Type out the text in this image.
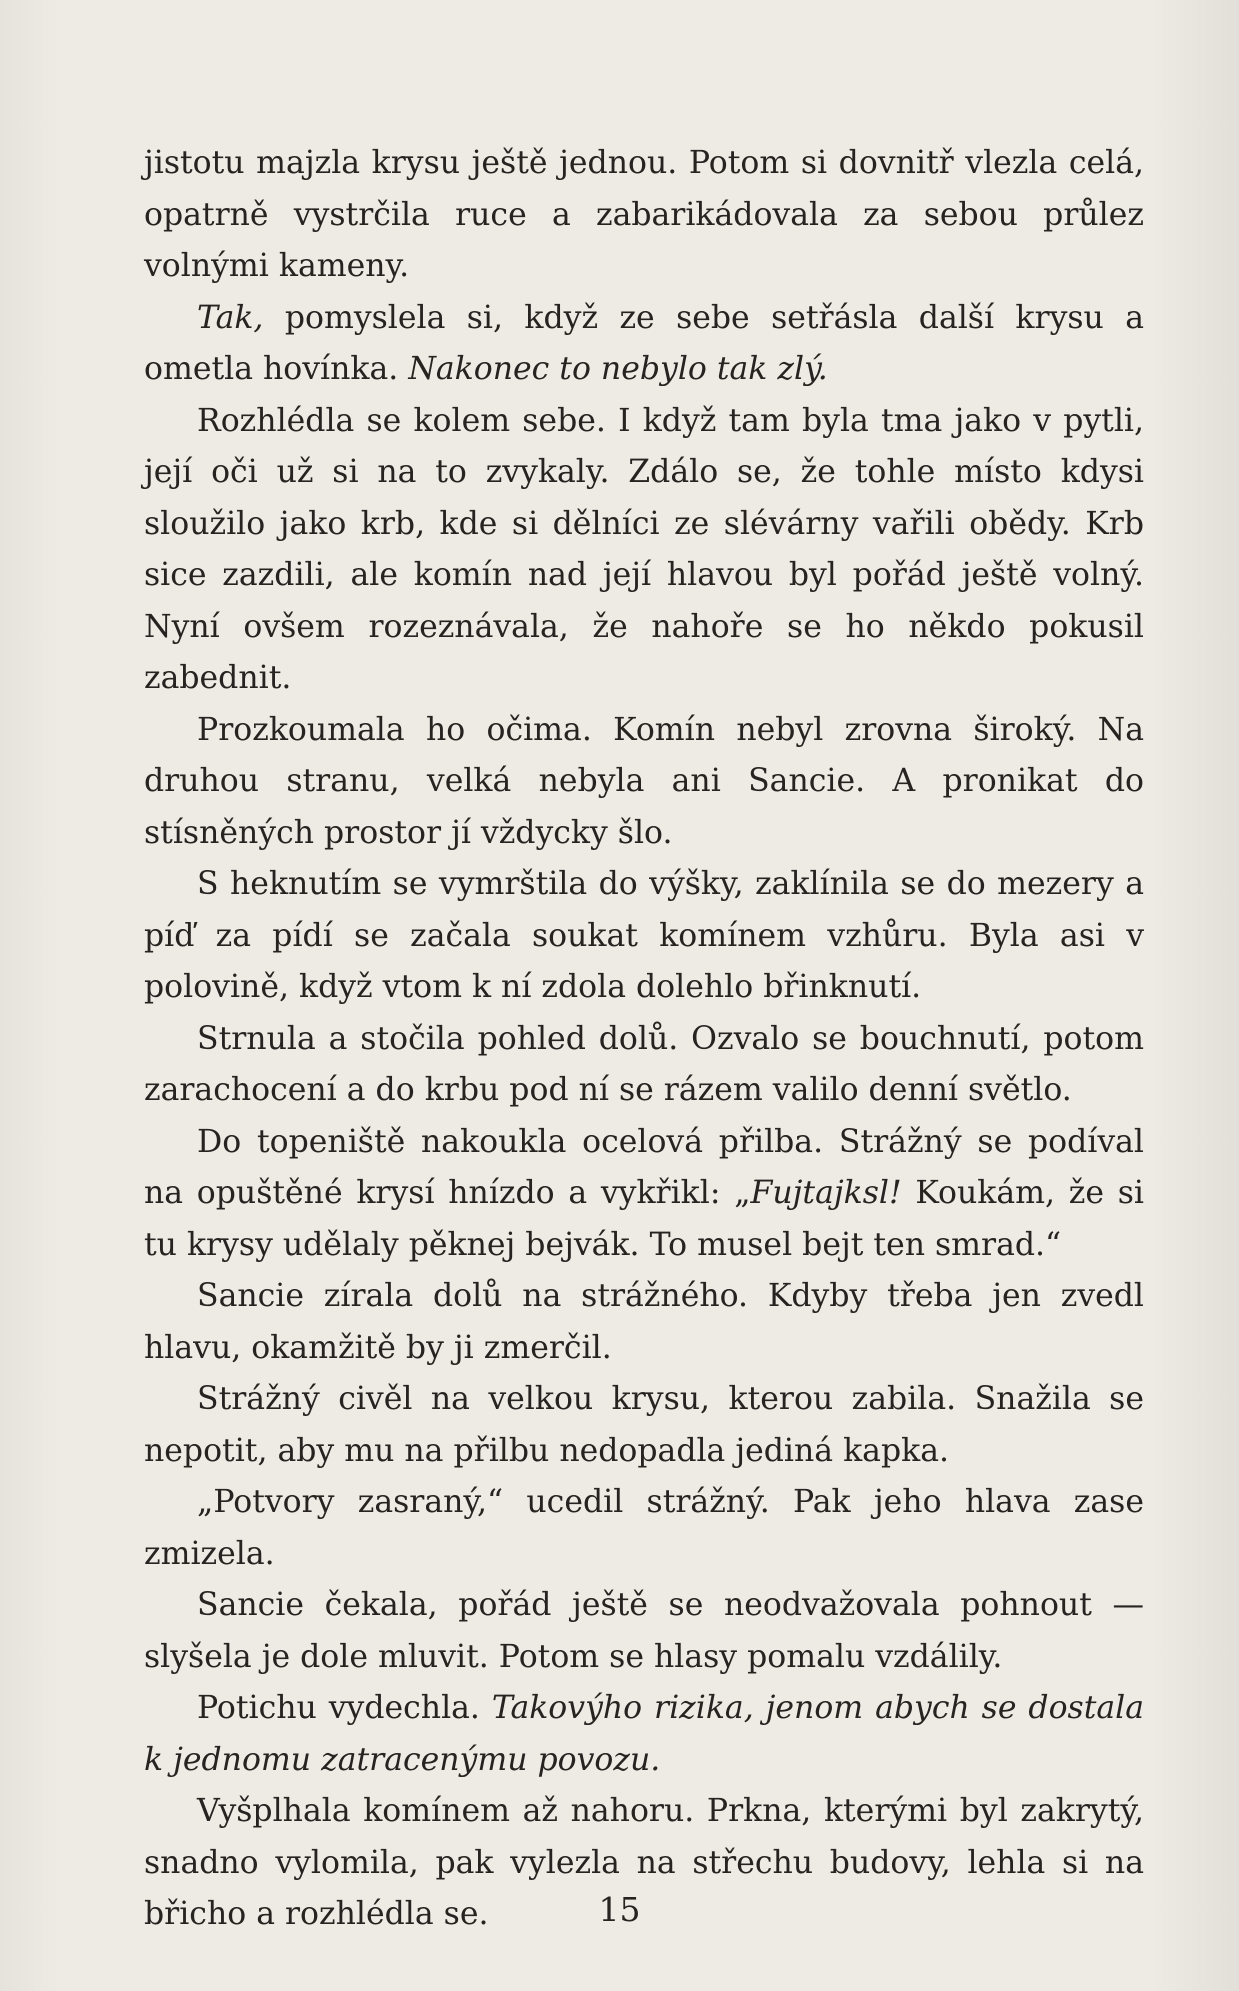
jistotu majzla krysu ještě jednou. Potom si dovnitř vlezla celá, opatrně vystrčila ruce a zabarikádovala za sebou průlez volnými kameny.

Tak, pomyslela si, když ze sebe setřásla další krysu a ometla hovínka. Nakonec to nebylo tak zlý.

Rozhlédla se kolem sebe. I když tam byla tma jako v pytli, její oči už si na to zvykaly. Zdálo se, že tohle místo kdysi sloužilo jako krb, kde si dělníci ze slévárny vařili obědy. Krb sice zazdili, ale komín nad její hlavou byl pořád ještě volný. Nyní ovšem rozeznávala, že nahoře se ho někdo pokusil zabednit.

Prozkoumala ho očima. Komín nebyl zrovna široký. Na druhou stranu, velká nebyla ani Sancie. A pronikat do stísněných prostor jí vždycky šlo.

S heknutím se vymrštila do výšky, zaklínila se do mezery a píď za pídí se začala soukat komínem vzhůru. Byla asi v polovině, když vtom k ní zdola dolehlo břinknutí.

Strnula a stočila pohled dolů. Ozvalo se bouchnutí, potom zarachocení a do krbu pod ní se rázem valilo denní světlo.

Do topeniště nakoukla ocelová přilba. Strážný se podíval na opuštěné krysí hnízdo a vykřikl: „Fujtajksl! Koukám, že si tu krysy udělaly pěknej bejvák. To musel bejt ten smrad.“

Sancie zírala dolů na strážného. Kdyby třeba jen zvedl hlavu, okamžitě by ji zmerčil.

Strážný civěl na velkou krysu, kterou zabila. Snažila se nepotit, aby mu na přilbu nedopadla jediná kapka.

„Potvory zasraný,“ ucedil strážný. Pak jeho hlava zase zmizela.

Sancie čekala, pořád ještě se neodvažovala pohnout — slyšela je dole mluvit. Potom se hlasy pomalu vzdálily.

Potichu vydechla. Takovýho rizika, jenom abych se dostala k jednomu zatracenýmu povozu.

Vyšplhala komínem až nahoru. Prkna, kterými byl zakrytý, snadno vylomila, pak vylezla na střechu budovy, lehla si na břicho a rozhlédla se.	15
